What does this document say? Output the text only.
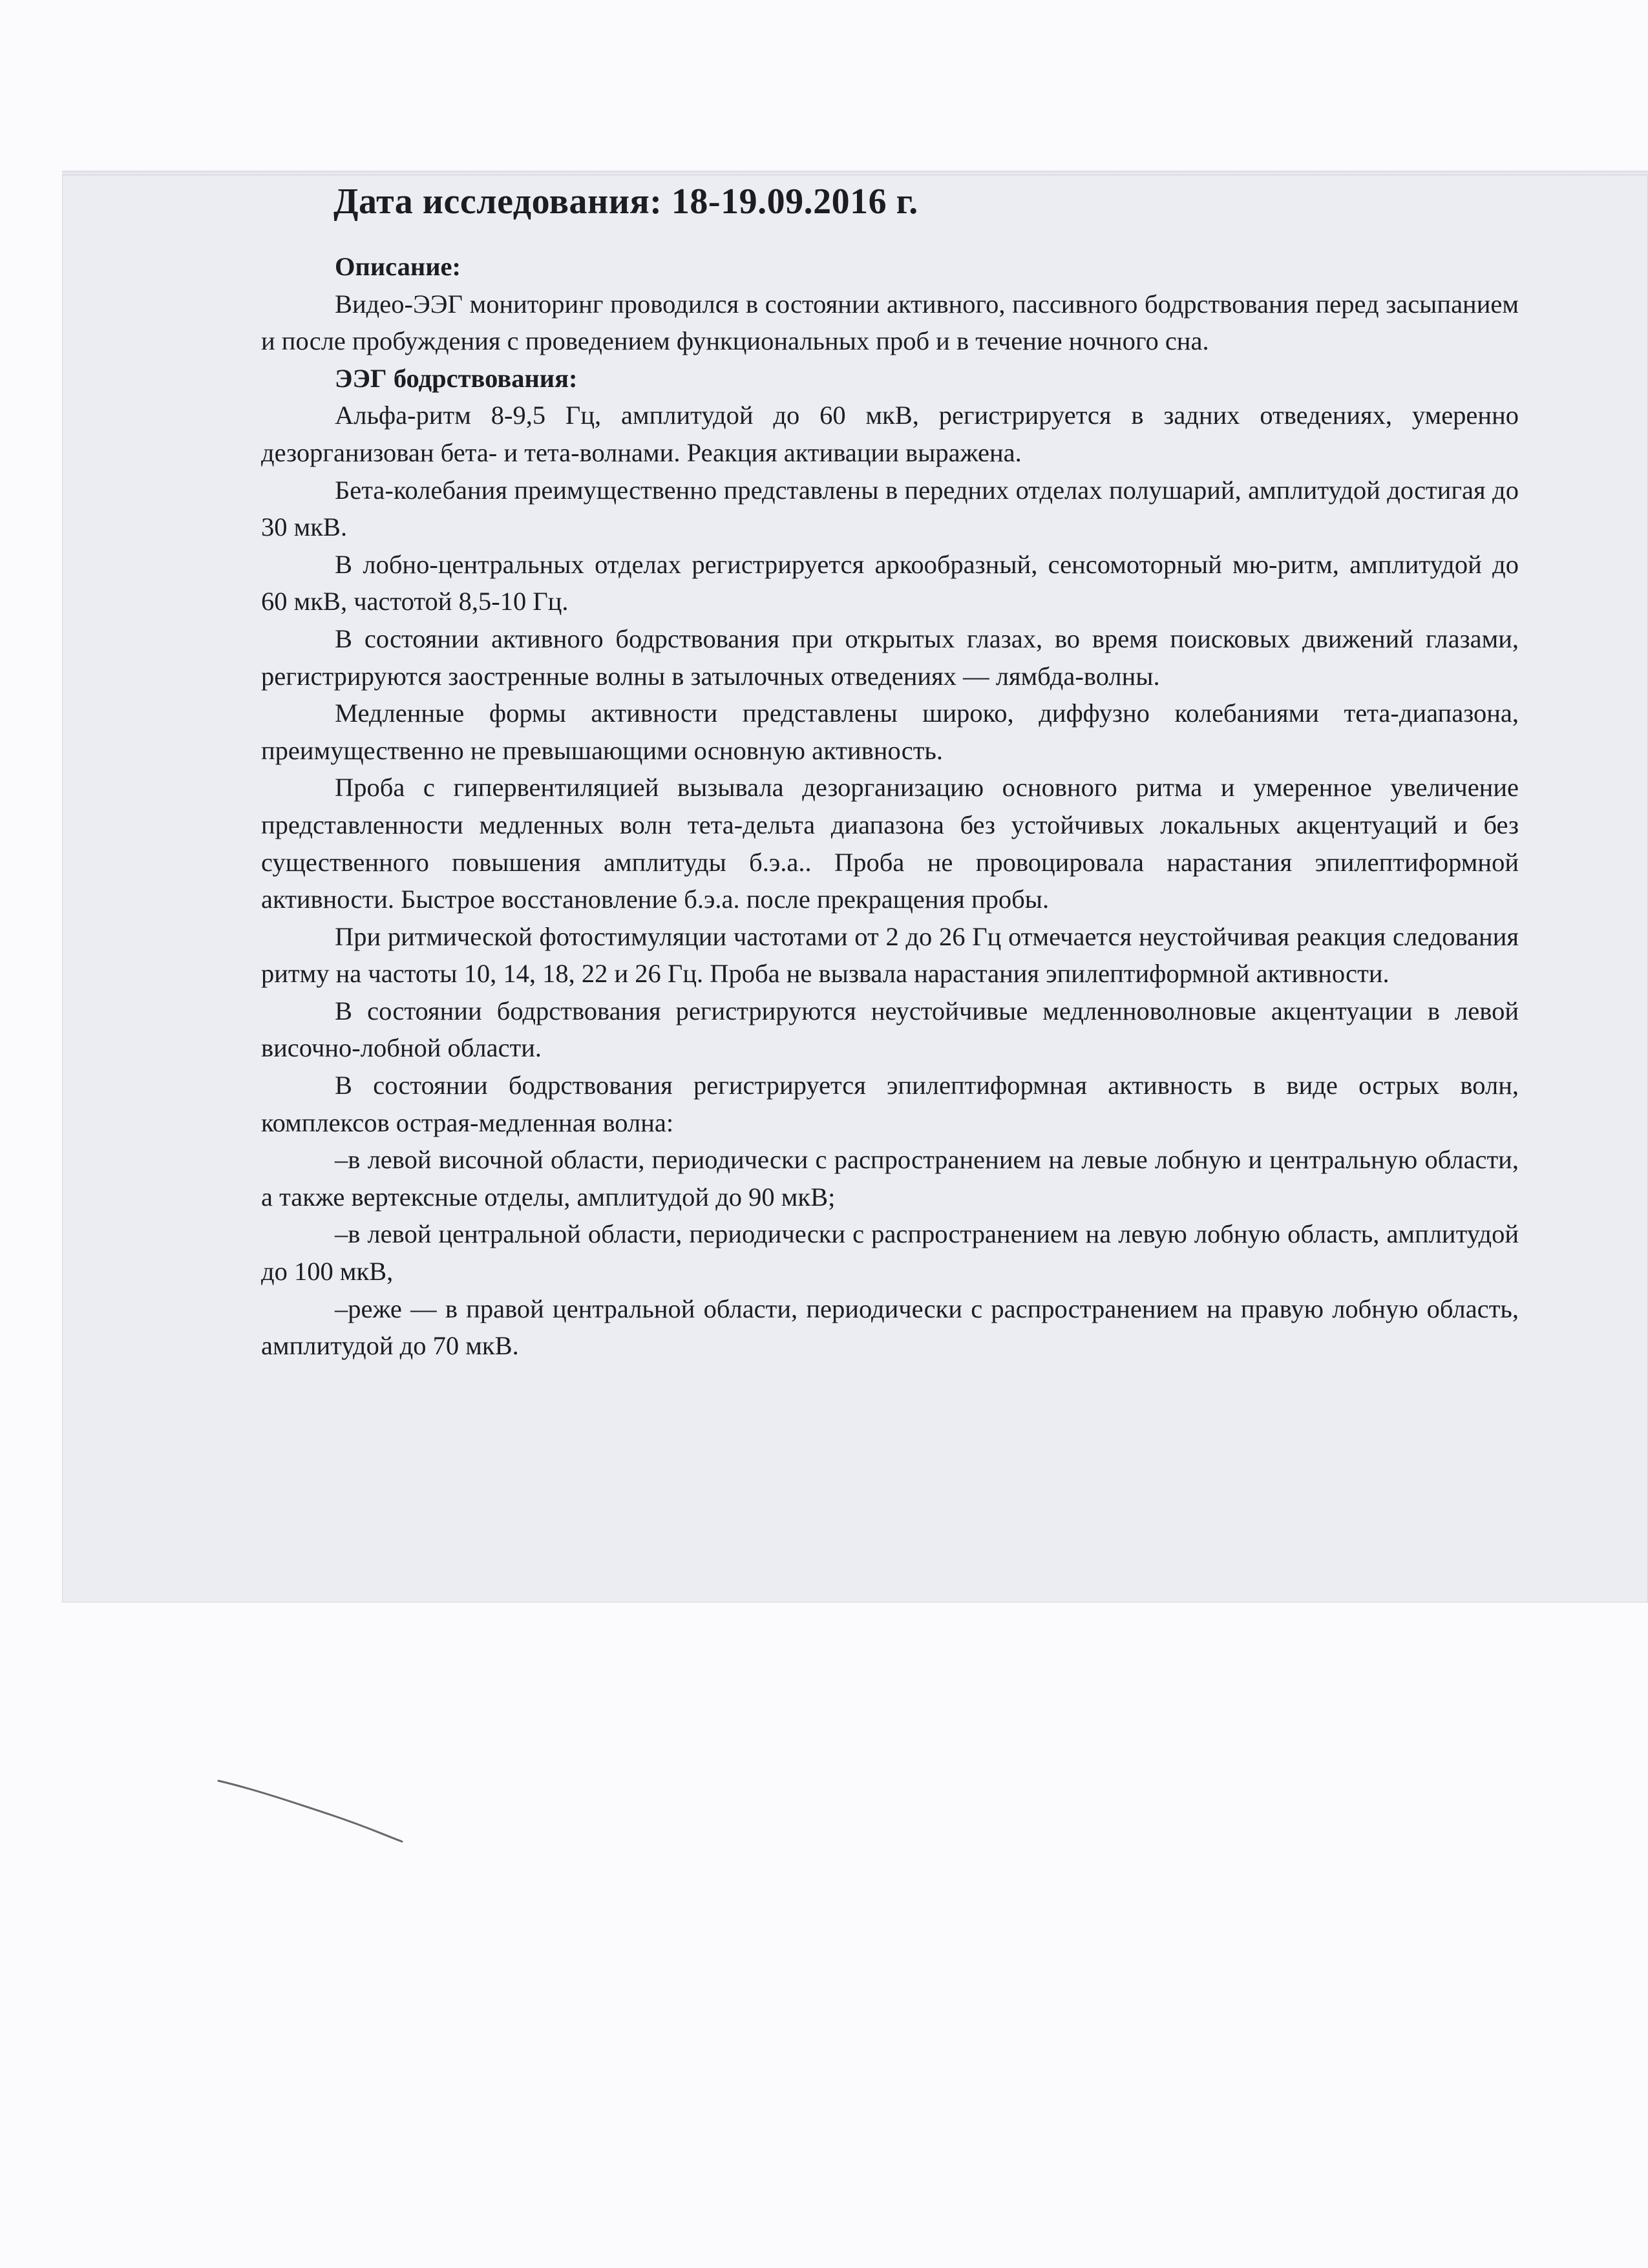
Дата исследования: 18-19.09.2016 г.

Описание:

Видео-ЭЭГ мониторинг проводился в состоянии активного, пассивного бодрствования перед засыпанием и после пробуждения с проведением функциональных проб и в течение ночного сна.

ЭЭГ бодрствования:

Альфа-ритм 8-9,5 Гц, амплитудой до 60 мкВ, регистрируется в задних отведениях, умеренно дезорганизован бета- и тета-волнами. Реакция активации выражена.

Бета-колебания преимущественно представлены в передних отделах полушарий, амплитудой достигая до 30 мкВ.

В лобно-центральных отделах регистрируется аркообразный, сенсомоторный мю-ритм, амплитудой до 60 мкВ, частотой 8,5-10 Гц.

В состоянии активного бодрствования при открытых глазах, во время поисковых движений глазами, регистрируются заостренные волны в затылочных отведениях — лямбда-волны.

Медленные формы активности представлены широко, диффузно колебаниями тета-диапазона, преимущественно не превышающими основную активность.

Проба с гипервентиляцией вызывала дезорганизацию основного ритма и умеренное увеличение представленности медленных волн тета-дельта диапазона без устойчивых локальных акцентуаций и без существенного повышения амплитуды б.э.а.. Проба не провоцировала нарастания эпилептиформной активности. Быстрое восстановление б.э.а. после прекращения пробы.

При ритмической фотостимуляции частотами от 2 до 26 Гц отмечается неустойчивая реакция следования ритму на частоты 10, 14, 18, 22 и 26 Гц. Проба не вызвала нарастания эпилептиформной активности.

В состоянии бодрствования регистрируются неустойчивые медленноволновые акцентуации в левой височно-лобной области.

В состоянии бодрствования регистрируется эпилептиформная активность в виде острых волн, комплексов острая-медленная волна:

–в левой височной области, периодически с распространением на левые лобную и центральную области, а также вертексные отделы, амплитудой до 90 мкВ;

–в левой центральной области, периодически с распространением на левую лобную область, амплитудой до 100 мкВ,

–реже — в правой центральной области, периодически с распространением на правую лобную область, амплитудой до 70 мкВ.
